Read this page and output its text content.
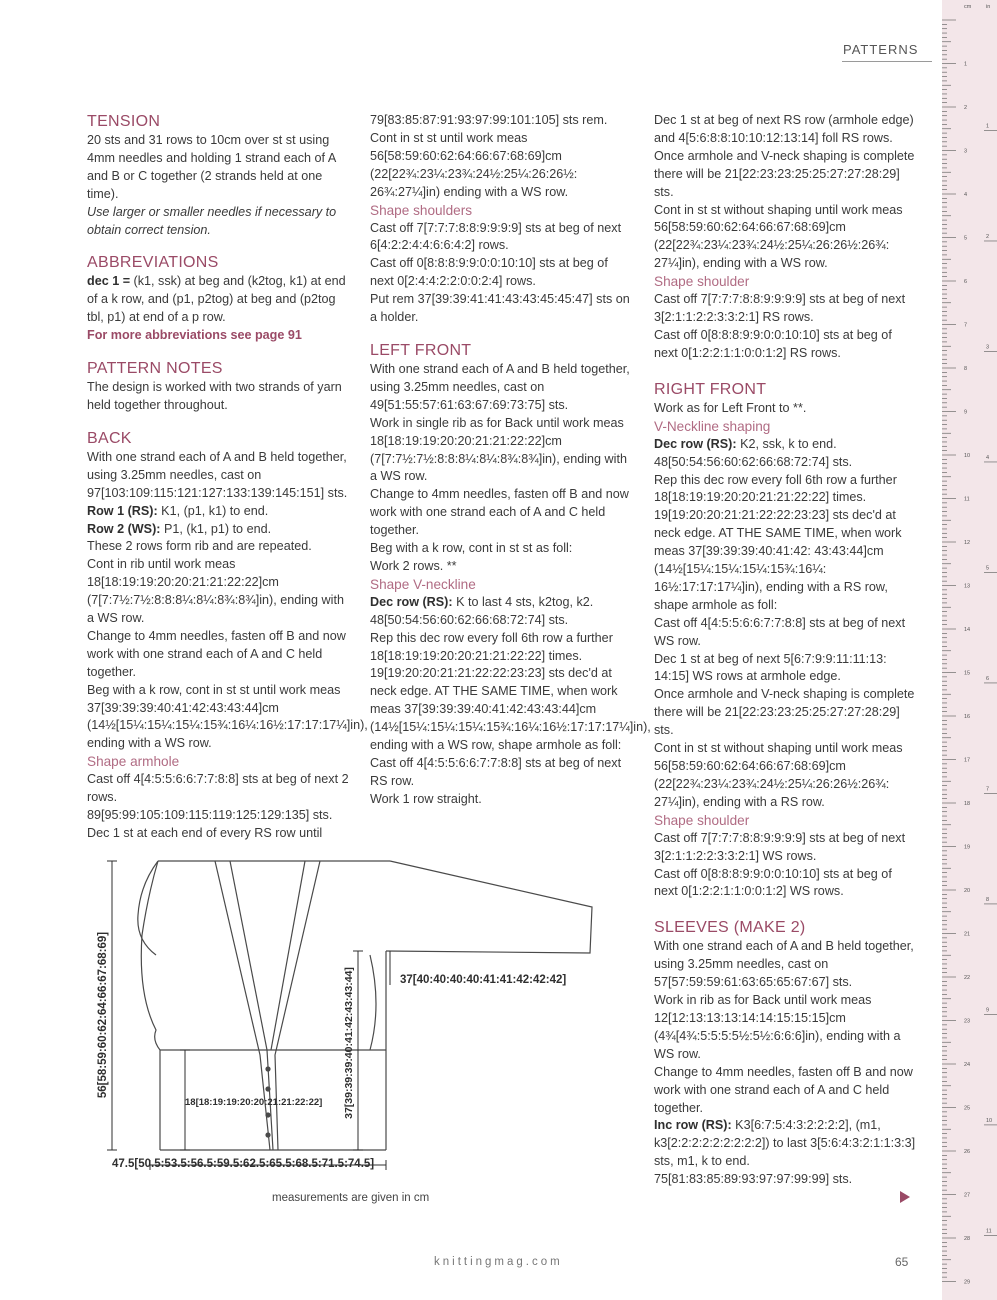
PATTERNS
TENSION

20 sts and 31 rows to 10cm over st st using 4mm needles and holding 1 strand each of A and B or C together (2 strands held at one time).

Use larger or smaller needles if necessary to obtain correct tension.

ABBREVIATIONS

dec 1 = (k1, ssk) at beg and (k2tog, k1) at end of a k row, and (p1, p2tog) at beg and (p2tog tbl, p1) at end of a p row.

For more abbreviations see page 91

PATTERN NOTES

The design is worked with two strands of yarn held together throughout.

BACK

With one strand each of A and B held together, using 3.25mm needles, cast on 97[103:109:115:121:127:133:139:145:151] sts.

Row 1 (RS): K1, (p1, k1) to end.

Row 2 (WS): P1, (k1, p1) to end.

These 2 rows form rib and are repeated.

Cont in rib until work meas 18[18:19:19:20:20:21:21:22:22]cm (7[7:7½:7½:8:8:8¼:8¼:8¾:8¾]in), ending with a WS row.

Change to 4mm needles, fasten off B and now work with one strand each of A and C held together.

Beg with a k row, cont in st st until work meas 37[39:39:39:40:41:42:43:43:44]cm (14½[15¼:15¼:15¼:15¾:16¼:16½:17:17:17¼]in), ending with a WS row.

Shape armhole

Cast off 4[4:5:5:6:6:7:7:8:8] sts at beg of next 2 rows.

89[95:99:105:109:115:119:125:129:135] sts.

Dec 1 st at each end of every RS row until

79[83:85:87:91:93:97:99:101:105] sts rem. Cont in st st until work meas 56[58:59:60:62:64:66:67:68:69]cm (22[22¾:23¼:23¾:24½:25¼:26:26½: 26¾:27¼]in) ending with a WS row.

Shape shoulders

Cast off 7[7:7:7:8:8:9:9:9:9] sts at beg of next 6[4:2:2:4:4:6:6:4:2] rows.

Cast off 0[8:8:8:9:9:0:0:10:10] sts at beg of next 0[2:4:4:2:2:0:0:2:4] rows.

Put rem 37[39:39:41:41:43:43:45:45:47] sts on a holder.

LEFT FRONT

With one strand each of A and B held together, using 3.25mm needles, cast on 49[51:55:57:61:63:67:69:73:75] sts.

Work in single rib as for Back until work meas 18[18:19:19:20:20:21:21:22:22]cm (7[7:7½:7½:8:8:8¼:8¼:8¾:8¾]in), ending with a WS row.

Change to 4mm needles, fasten off B and now work with one strand each of A and C held together.

Beg with a k row, cont in st st as foll:

Work 2 rows. **

Shape V-neckline

Dec row (RS): K to last 4 sts, k2tog, k2.

48[50:54:56:60:62:66:68:72:74] sts.

Rep this dec row every foll 6th row a further 18[18:19:19:20:20:21:21:22:22] times. 19[19:20:20:21:21:22:22:23:23] sts dec'd at neck edge. AT THE SAME TIME, when work meas 37[39:39:39:40:41:42:43:43:44]cm (14½[15¼:15¼:15¼:15¾:16¼:16½:17:17:17¼]in), ending with a WS row, shape armhole as foll:

Cast off 4[4:5:5:6:6:7:7:8:8] sts at beg of next RS row.

Work 1 row straight.

Dec 1 st at beg of next RS row (armhole edge) and 4[5:6:8:8:10:10:12:13:14] foll RS rows.

Once armhole and V-neck shaping is complete there will be 21[22:23:23:25:25:27:27:28:29] sts.

Cont in st st without shaping until work meas 56[58:59:60:62:64:66:67:68:69]cm (22[22¾:23¼:23¾:24½:25¼:26:26½:26¾: 27¼]in), ending with a WS row.

Shape shoulder

Cast off 7[7:7:7:8:8:9:9:9:9] sts at beg of next 3[2:1:1:2:2:3:3:2:1] RS rows.

Cast off 0[8:8:8:9:9:0:0:10:10] sts at beg of next 0[1:2:2:1:1:0:0:1:2] RS rows.

RIGHT FRONT

Work as for Left Front to **.

V-Neckline shaping

Dec row (RS): K2, ssk, k to end.

48[50:54:56:60:62:66:68:72:74] sts.

Rep this dec row every foll 6th row a further 18[18:19:19:20:20:21:21:22:22] times. 19[19:20:20:21:21:22:22:23:23] sts dec'd at neck edge. AT THE SAME TIME, when work meas 37[39:39:39:40:41:42: 43:43:44]cm (14½[15¼:15¼:15¼:15¾:16¼: 16½:17:17:17¼]in), ending with a RS row, shape armhole as foll:

Cast off 4[4:5:5:6:6:7:7:8:8] sts at beg of next WS row.

Dec 1 st at beg of next 5[6:7:9:9:11:11:13: 14:15] WS rows at armhole edge.

Once armhole and V-neck shaping is complete there will be 21[22:23:23:25:25:27:27:28:29] sts.

Cont in st st without shaping until work meas 56[58:59:60:62:64:66:67:68:69]cm (22[22¾:23¼:23¾:24½:25¼:26:26½:26¾: 27¼]in), ending with a RS row.

Shape shoulder

Cast off 7[7:7:7:8:8:9:9:9:9] sts at beg of next 3[2:1:1:2:2:3:3:2:1] WS rows.

Cast off 0[8:8:8:9:9:0:0:10:10] sts at beg of next 0[1:2:2:1:1:0:0:1:2] WS rows.

SLEEVES (MAKE 2)

With one strand each of A and B held together, using 3.25mm needles, cast on 57[57:59:59:61:63:65:65:67:67] sts.

Work in rib as for Back until work meas 12[12:13:13:13:14:14:15:15:15]cm (4¾[4¾:5:5:5:5½:5½:6:6:6]in), ending with a WS row.

Change to 4mm needles, fasten off B and now work with one strand each of A and C held together.

Inc row (RS): K3[6:7:5:4:3:2:2:2:2], (m1, k3[2:2:2:2:2:2:2:2:2]) to last 3[5:6:4:3:2:1:1:3:3] sts, m1, k to end.

75[81:83:85:89:93:97:97:99:99] sts.

56[58:59:60:62:64:66:67:68:69]	37[39:39:39:40:41:42:43:43:44]
18[18:19:19:20:20:21:21:22:22]
37[40:40:40:40:41:41:42:42:42]
47.5[50.5:53.5:56.5:59.5:62.5:65.5:68.5:71.5:74.5]
measurements are given in cm
knittingmag.com	65
cm	in
1
2
3
4
5
6
7
8
9
10
11
12
13
14
15
16
17
18
19
20
21
22
23
24
25
26
27
28
29
1
2
3
4
5
6
7
8
9
10
11
